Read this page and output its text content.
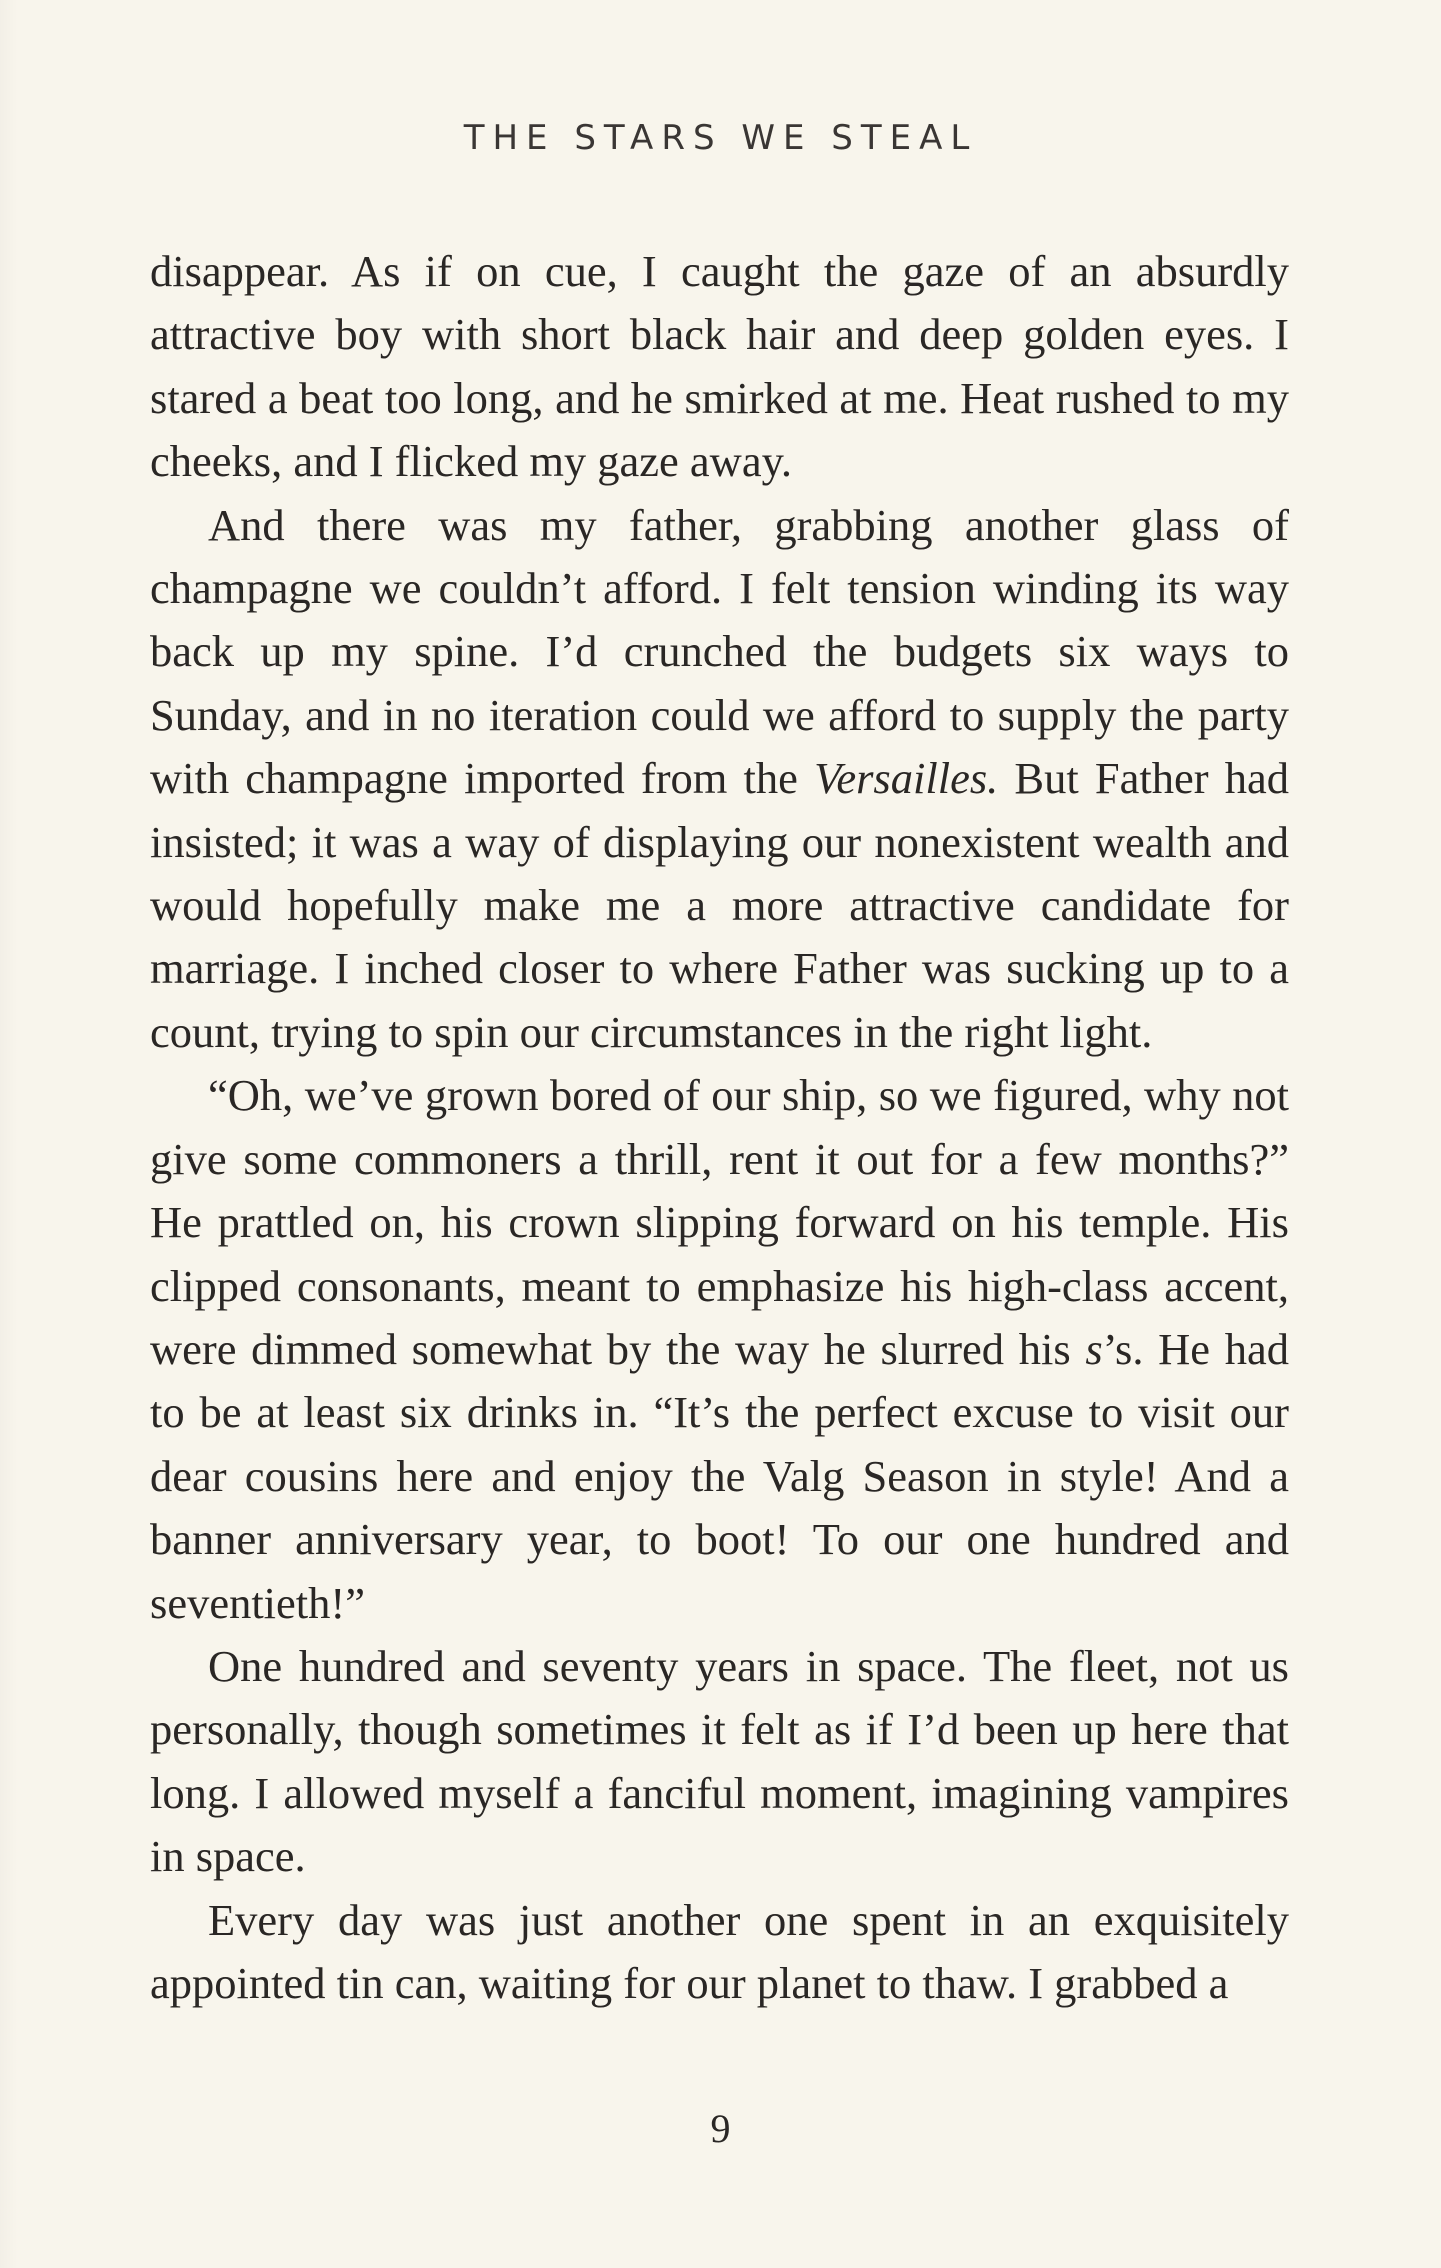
THE STARS WE STEAL

disappear. As if on cue, I caught the gaze of an absurdly attractive boy with short black hair and deep golden eyes. I stared a beat too long, and he smirked at me. Heat rushed to my cheeks, and I flicked my gaze away.

And there was my father, grabbing another glass of champagne we couldn’t afford. I felt tension winding its way back up my spine. I’d crunched the budgets six ways to Sunday, and in no iteration could we afford to supply the party with champagne imported from the Versailles. But Father had insisted; it was a way of displaying our nonexistent wealth and would hopefully make me a more attractive candidate for marriage. I inched closer to where Father was sucking up to a count, trying to spin our circumstances in the right light.

“Oh, we’ve grown bored of our ship, so we figured, why not give some commoners a thrill, rent it out for a few months?” He prattled on, his crown slipping forward on his temple. His clipped consonants, meant to emphasize his high-class accent, were dimmed somewhat by the way he slurred his s’s. He had to be at least six drinks in. “It’s the perfect excuse to visit our dear cousins here and enjoy the Valg Season in style! And a banner anniversary year, to boot! To our one hundred and seventieth!”

One hundred and seventy years in space. The fleet, not us personally, though sometimes it felt as if I’d been up here that long. I allowed myself a fanciful moment, imagining vampires in space.

Every day was just another one spent in an exquisitely appointed tin can, waiting for our planet to thaw. I grabbed a

9
